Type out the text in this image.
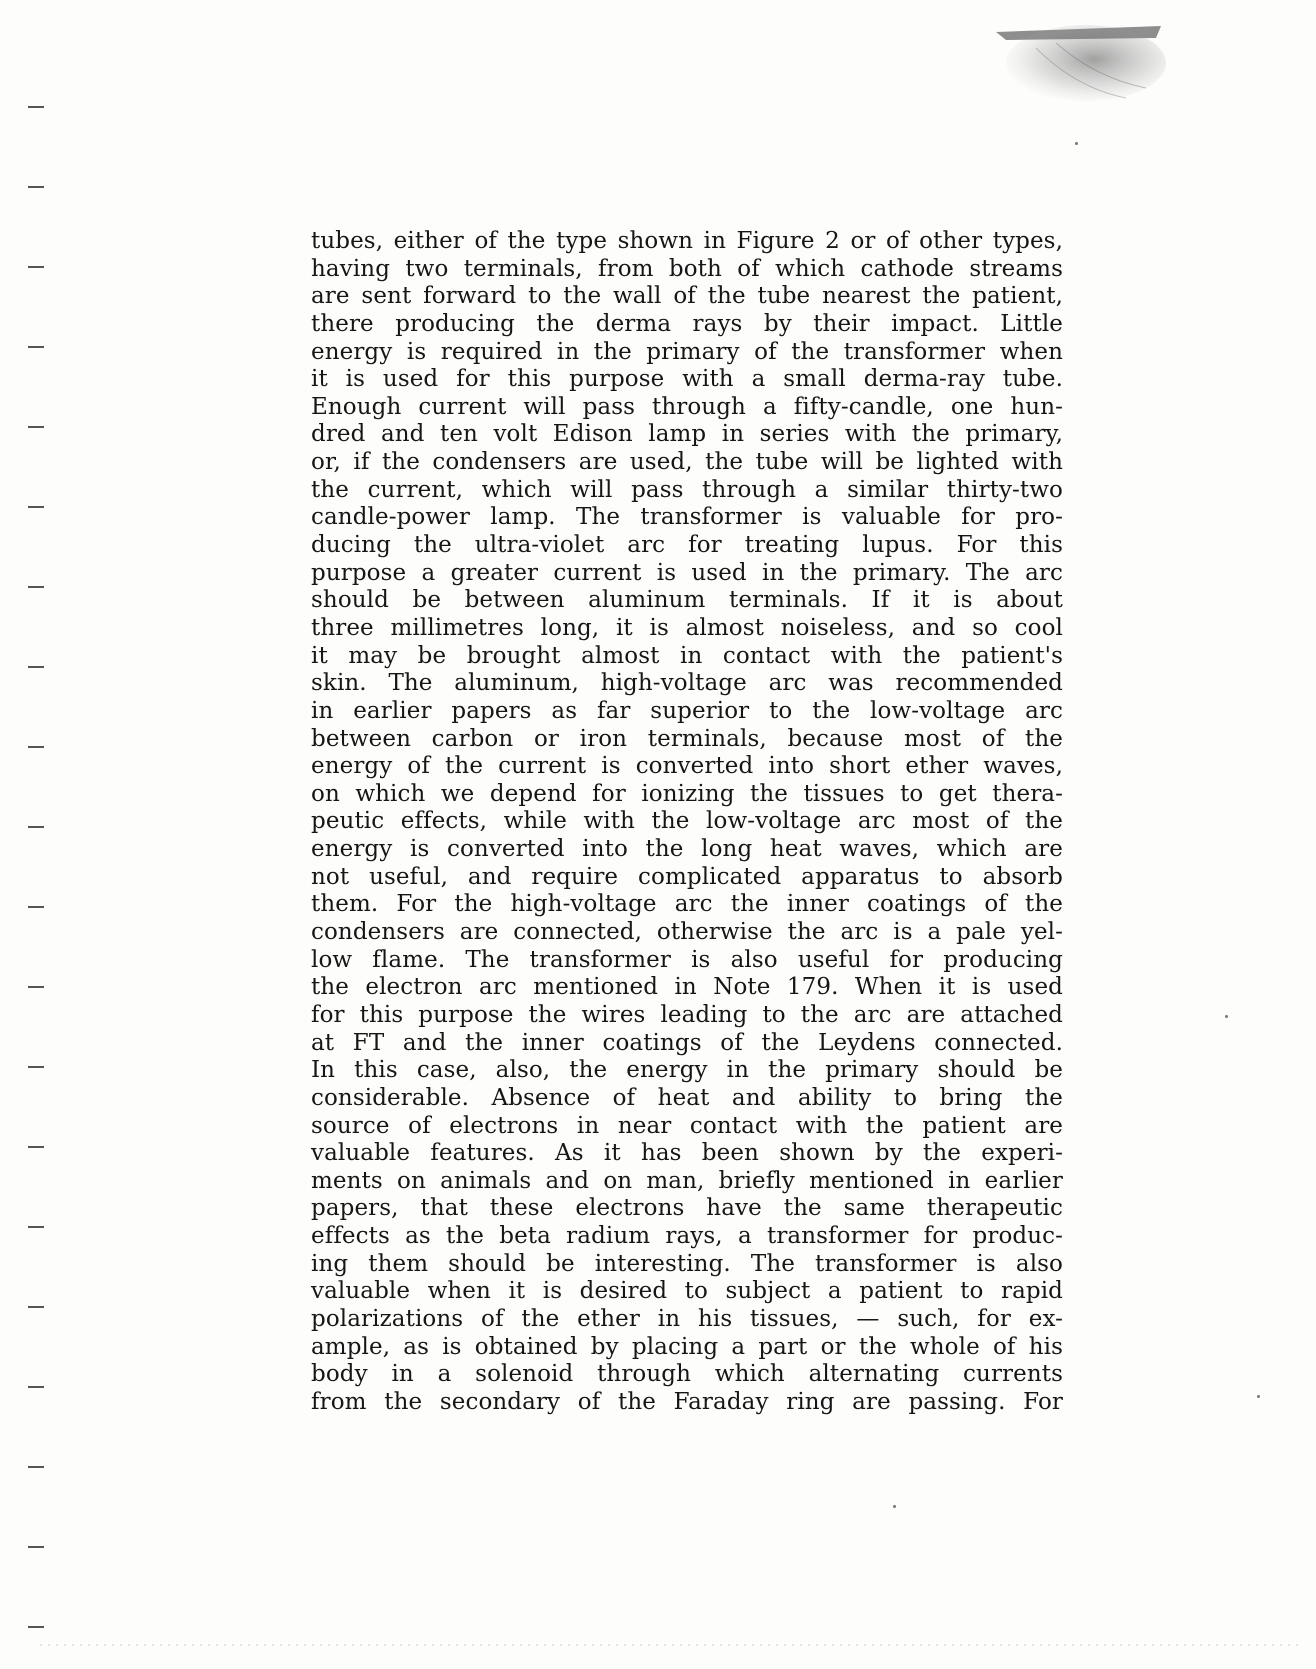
tubes, either of the type shown in Figure 2 or of other types,
having two terminals, from both of which cathode streams
are sent forward to the wall of the tube nearest the patient,
there producing the derma rays by their impact. Little
energy is required in the primary of the transformer when
it is used for this purpose with a small derma-ray tube.
Enough current will pass through a fifty-candle, one hun-
dred and ten volt Edison lamp in series with the primary,
or, if the condensers are used, the tube will be lighted with
the current, which will pass through a similar thirty-two
candle-power lamp. The transformer is valuable for pro-
ducing the ultra-violet arc for treating lupus. For this
purpose a greater current is used in the primary. The arc
should be between aluminum terminals. If it is about
three millimetres long, it is almost noiseless, and so cool
it may be brought almost in contact with the patient's
skin. The aluminum, high-voltage arc was recommended
in earlier papers as far superior to the low-voltage arc
between carbon or iron terminals, because most of the
energy of the current is converted into short ether waves,
on which we depend for ionizing the tissues to get thera-
peutic effects, while with the low-voltage arc most of the
energy is converted into the long heat waves, which are
not useful, and require complicated apparatus to absorb
them. For the high-voltage arc the inner coatings of the
condensers are connected, otherwise the arc is a pale yel-
low flame. The transformer is also useful for producing
the electron arc mentioned in Note 179. When it is used
for this purpose the wires leading to the arc are attached
at FT and the inner coatings of the Leydens connected.
In this case, also, the energy in the primary should be
considerable. Absence of heat and ability to bring the
source of electrons in near contact with the patient are
valuable features. As it has been shown by the experi-
ments on animals and on man, briefly mentioned in earlier
papers, that these electrons have the same therapeutic
effects as the beta radium rays, a transformer for produc-
ing them should be interesting. The transformer is also
valuable when it is desired to subject a patient to rapid
polarizations of the ether in his tissues, — such, for ex-
ample, as is obtained by placing a part or the whole of his
body in a solenoid through which alternating currents
from the secondary of the Faraday ring are passing. For
